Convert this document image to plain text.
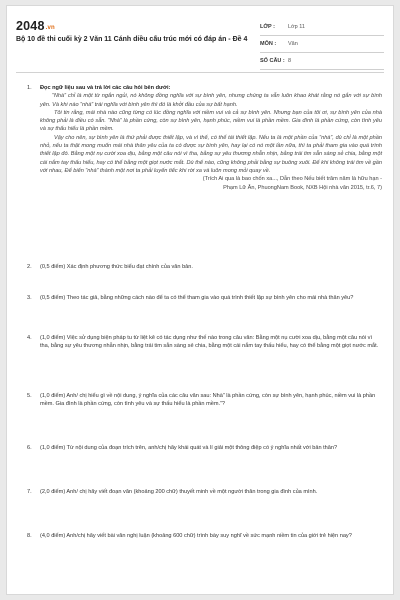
2048.vn
Bộ 10 đề thi cuối kỳ 2 Văn 11 Cánh diều cấu trúc mới có đáp án - Đề 4
LỚP :	Lớp 11
MÔN :	Văn
SỐ CÂU : 8
1. Đọc ngữ liệu sau và trả lời các câu hỏi bên dưới:

“Nhà” chỉ là một từ ngắn ngủi, nó không đồng nghĩa với sự bình yên, nhưng chúng ta vẫn luôn khao khát rằng nó gắn với sự bình yên. Và khi nào “nhà” trái nghĩa với bình yên thì đó là khởi đầu của sự bất hạnh.

Tôi tin rằng, mái nhà nào cũng từng có lúc đồng nghĩa với niềm vui và cả sự bình yên. Nhưng bạn của tôi ơi, sự bình yên của nhà không phải là điều có sẵn. “Nhà” là phần cứng, còn sự bình yên, hạnh phúc, niềm vui là phần mềm. Gia đình là phần cứng, còn tình yêu và sự thấu hiểu là phần mềm.

Vậy cho nên, sự bình yên là thứ phải được thiết lập, và vì thế, có thể tái thiết lập. Nếu ta là một phần của “nhà”, dù chỉ là một phần nhỏ, nếu ta thật mong muốn mái nhà thân yêu của ta có được sự bình yên, hay lại có nó một lần nữa, thì ta phải tham gia vào quá trình thiết lập đó. Bằng một nụ cười xoa dịu, bằng một câu nói vì tha, bằng sự yêu thương nhẫn nhịn, bằng trái tim sẵn sàng sẻ chia, bằng một cái nắm tay thấu hiểu, hay có thể bằng một giọt nước mắt. Dù thế nào, cũng không phải bằng sự buông xuôi. Để khi không trái tim về gần với nhau, Để biến “nhà” thành một nơi ta phải luyến tiếc khi rời xa và luôn mong mỏi quay về.

(Trích Ai qua là bao chốn xa..., Dẫn theo Nếu biết trăm năm là hữu hạn -
Phạm Lữ Ân, PhuongNam Book, NXB Hội nhà văn 2015, tr.6, 7)
2. (0,5 điểm) Xác định phương thức biểu đạt chính của văn bản.
3. (0,5 điểm) Theo tác giả, bằng những cách nào để ta có thể tham gia vào quá trình thiết lập sự bình yên cho mái nhà thân yêu?
4. (1,0 điểm) Việc sử dụng biện pháp tu từ liệt kê có tác dụng như thế nào trong câu văn: Bằng một nụ cười xoa dịu, bằng một câu nói vì tha, bằng sự yêu thương nhẫn nhịn, bằng trái tim sẵn sàng sẻ chia, bằng một cái nắm tay thấu hiểu, hay có thể bằng một giọt nước mắt.
5. (1,0 điểm) Anh/ chị hiểu gì về nội dung, ý nghĩa của các câu văn sau: Nhà” là phần cứng, còn sự bình yên, hạnh phúc, niềm vui là phần mềm. Gia đình là phần cứng, còn tình yêu và sự thấu hiểu là phần mềm.”?
6. (1,0 điểm) Từ nội dung của đoạn trích trên, anh/chị hãy khái quát và lí giải một thông điệp có ý nghĩa nhất với bản thân?
7. (2,0 điểm) Anh/ chị hãy viết đoạn văn (khoảng 200 chữ) thuyết minh về một người thân trong gia đình của mình.
8. (4,0 điểm) Anh/chị hãy viết bài văn nghị luận (khoảng 600 chữ) trình bày suy nghĩ về sức mạnh niềm tin của giới trẻ hiện nay?
